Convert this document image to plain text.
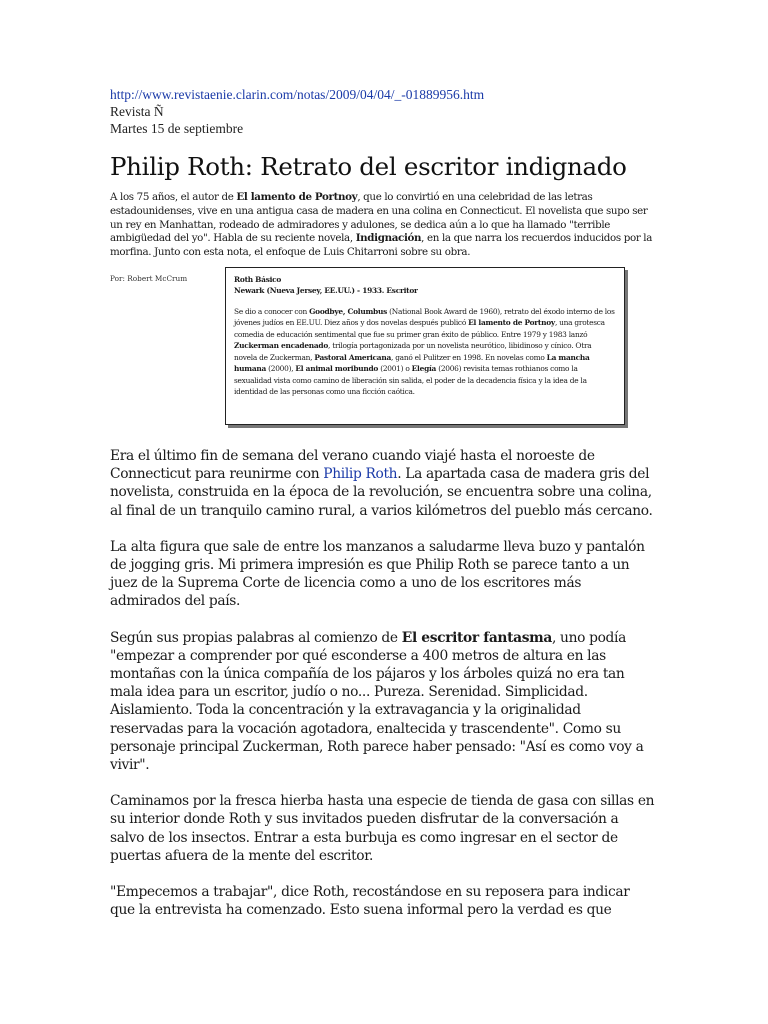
http://www.revistaenie.clarin.com/notas/2009/04/04/_-01889956.htm
Revista Ñ
Martes 15 de septiembre
Philip Roth: Retrato del escritor indignado

A los 75 años, el autor de El lamento de Portnoy, que lo convirtió en una celebridad de las letras estadounidenses, vive en una antigua casa de madera en una colina en Connecticut. El novelista que supo ser un rey en Manhattan, rodeado de admiradores y adulones, se dedica aún a lo que ha llamado "terrible ambigüedad del yo". Habla de su reciente novela, Indignación, en la que narra los recuerdos inducidos por la morfina. Junto con esta nota, el enfoque de Luis Chitarroni sobre su obra.

Por: Robert McCrum	Roth Básico
Newark (Nueva Jersey, EE.UU.) - 1933. Escritor

Se dio a conocer con Goodbye, Columbus (National Book Award de 1960), retrato del éxodo interno de los jóvenes judíos en EE.UU. Diez años y dos novelas después publicó El lamento de Portnoy, una grotesca comedia de educación sentimental que fue su primer gran éxito de público. Entre 1979 y 1983 lanzó Zuckerman encadenado, trilogía portagonizada por un novelista neurótico, libidinoso y cínico. Otra novela de Zuckerman, Pastoral Americana, ganó el Pulitzer en 1998. En novelas como La mancha humana (2000), El animal moribundo (2001) o Elegía (2006) revisita temas rothianos como la sexualidad vista como camino de liberación sin salida, el poder de la decadencia física y la idea de la identidad de las personas como una ficción caótica.

Era el último fin de semana del verano cuando viajé hasta el noroeste de Connecticut para reunirme con Philip Roth. La apartada casa de madera gris del novelista, construida en la época de la revolución, se encuentra sobre una colina, al final de un tranquilo camino rural, a varios kilómetros del pueblo más cercano.

La alta figura que sale de entre los manzanos a saludarme lleva buzo y pantalón de jogging gris. Mi primera impresión es que Philip Roth se parece tanto a un juez de la Suprema Corte de licencia como a uno de los escritores más admirados del país.

Según sus propias palabras al comienzo de El escritor fantasma, uno podía "empezar a comprender por qué esconderse a 400 metros de altura en las montañas con la única compañía de los pájaros y los árboles quizá no era tan mala idea para un escritor, judío o no... Pureza. Serenidad. Simplicidad. Aislamiento. Toda la concentración y la extravagancia y la originalidad reservadas para la vocación agotadora, enaltecida y trascendente". Como su personaje principal Zuckerman, Roth parece haber pensado: "Así es como voy a vivir".

Caminamos por la fresca hierba hasta una especie de tienda de gasa con sillas en su interior donde Roth y sus invitados pueden disfrutar de la conversación a salvo de los insectos. Entrar a esta burbuja es como ingresar en el sector de puertas afuera de la mente del escritor.

"Empecemos a trabajar", dice Roth, recostándose en su reposera para indicar que la entrevista ha comenzado. Esto suena informal pero la verdad es que
